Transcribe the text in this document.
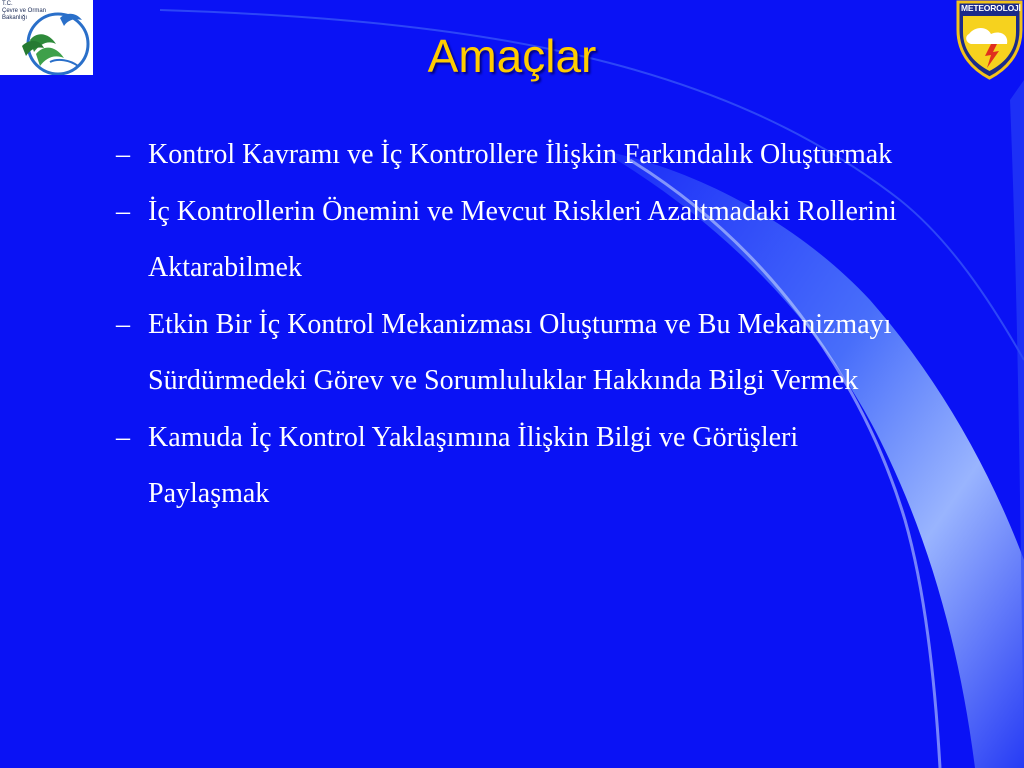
T.C.
Çevre ve Orman
Bakanlığı
METEOROLOJİ
Amaçlar
– Kontrol Kavramı ve İç Kontrollere İlişkin Farkındalık Oluşturmak
– İç Kontrollerin Önemini ve Mevcut Riskleri Azaltmadaki Rollerini Aktarabilmek
– Etkin Bir İç Kontrol Mekanizması Oluşturma ve Bu Mekanizmayı Sürdürmedeki Görev ve Sorumluluklar Hakkında Bilgi Vermek
– Kamuda İç Kontrol Yaklaşımına İlişkin Bilgi ve Görüşleri Paylaşmak
